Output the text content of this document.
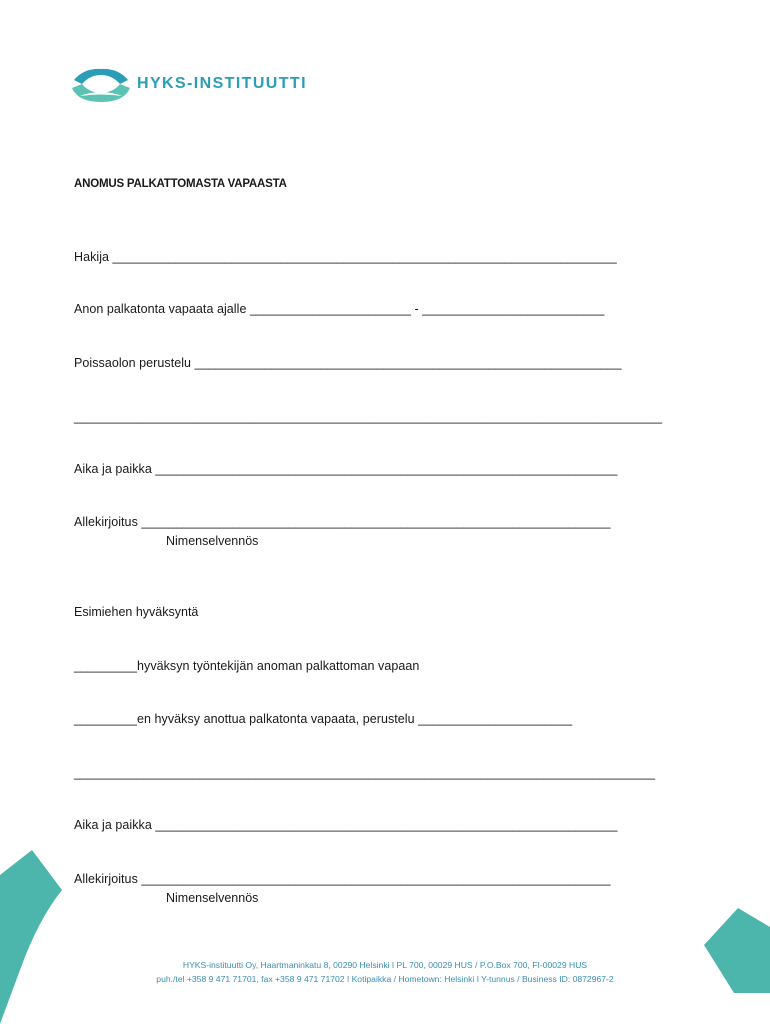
HYKS-INSTITUUTTI
ANOMUS PALKATTOMASTA VAPAASTA
Hakija ________________________________________________________________________
Anon palkatonta vapaata ajalle _______________________ - __________________________
Poissaolon perustelu _____________________________________________________________
____________________________________________________________________________________
Aika ja paikka __________________________________________________________________
Allekirjoitus ___________________________________________________________________
Nimenselvennös
Esimiehen hyväksyntä
_________hyväksyn työntekijän anoman palkattoman vapaan
_________en hyväksy anottua palkatonta vapaata, perustelu ______________________
___________________________________________________________________________________
Aika ja paikka __________________________________________________________________
Allekirjoitus ___________________________________________________________________
Nimenselvennös
HYKS-instituutti Oy, Haartmaninkatu 8, 00290 Helsinki ǀ PL 700, 00029 HUS / P.O.Box 700, FI-00029 HUS
puh./tel +358 9 471 71701, fax +358 9 471 71702 ǀ Kotipaikka / Hometown: Helsinki ǀ Y-tunnus / Business ID: 0872967-2
